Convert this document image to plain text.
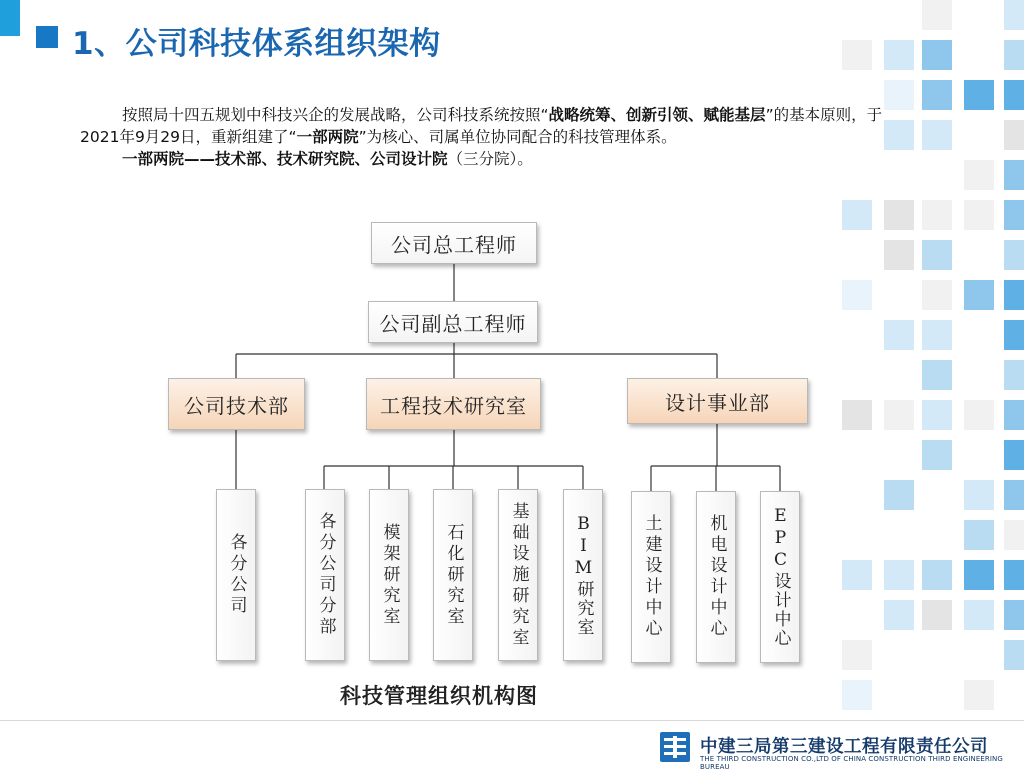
1、公司科技体系组织架构

按照局十四五规划中科技兴企的发展战略，公司科技系统按照“战略统筹、创新引领、赋能基层”的基本原则，于2021年9月29日，重新组建了“一部两院”为核心、司属单位协同配合的科技管理体系。

一部两院——技术部、技术研究院、公司设计院（三分院）。

公司总工程师
公司副总工程师
公司技术部	工程技术研究室	设计事业部
各分公司	各分公司分部	模架研究室	石化研究室	基础设施研究室	BIM研究室	土建设计中心	机电设计中心	EPC设计中心
科技管理组织机构图
中建三局第三建设工程有限责任公司
THE THIRD CONSTRUCTION CO.,LTD OF CHINA CONSTRUCTION THIRD ENGINEERING BUREAU
